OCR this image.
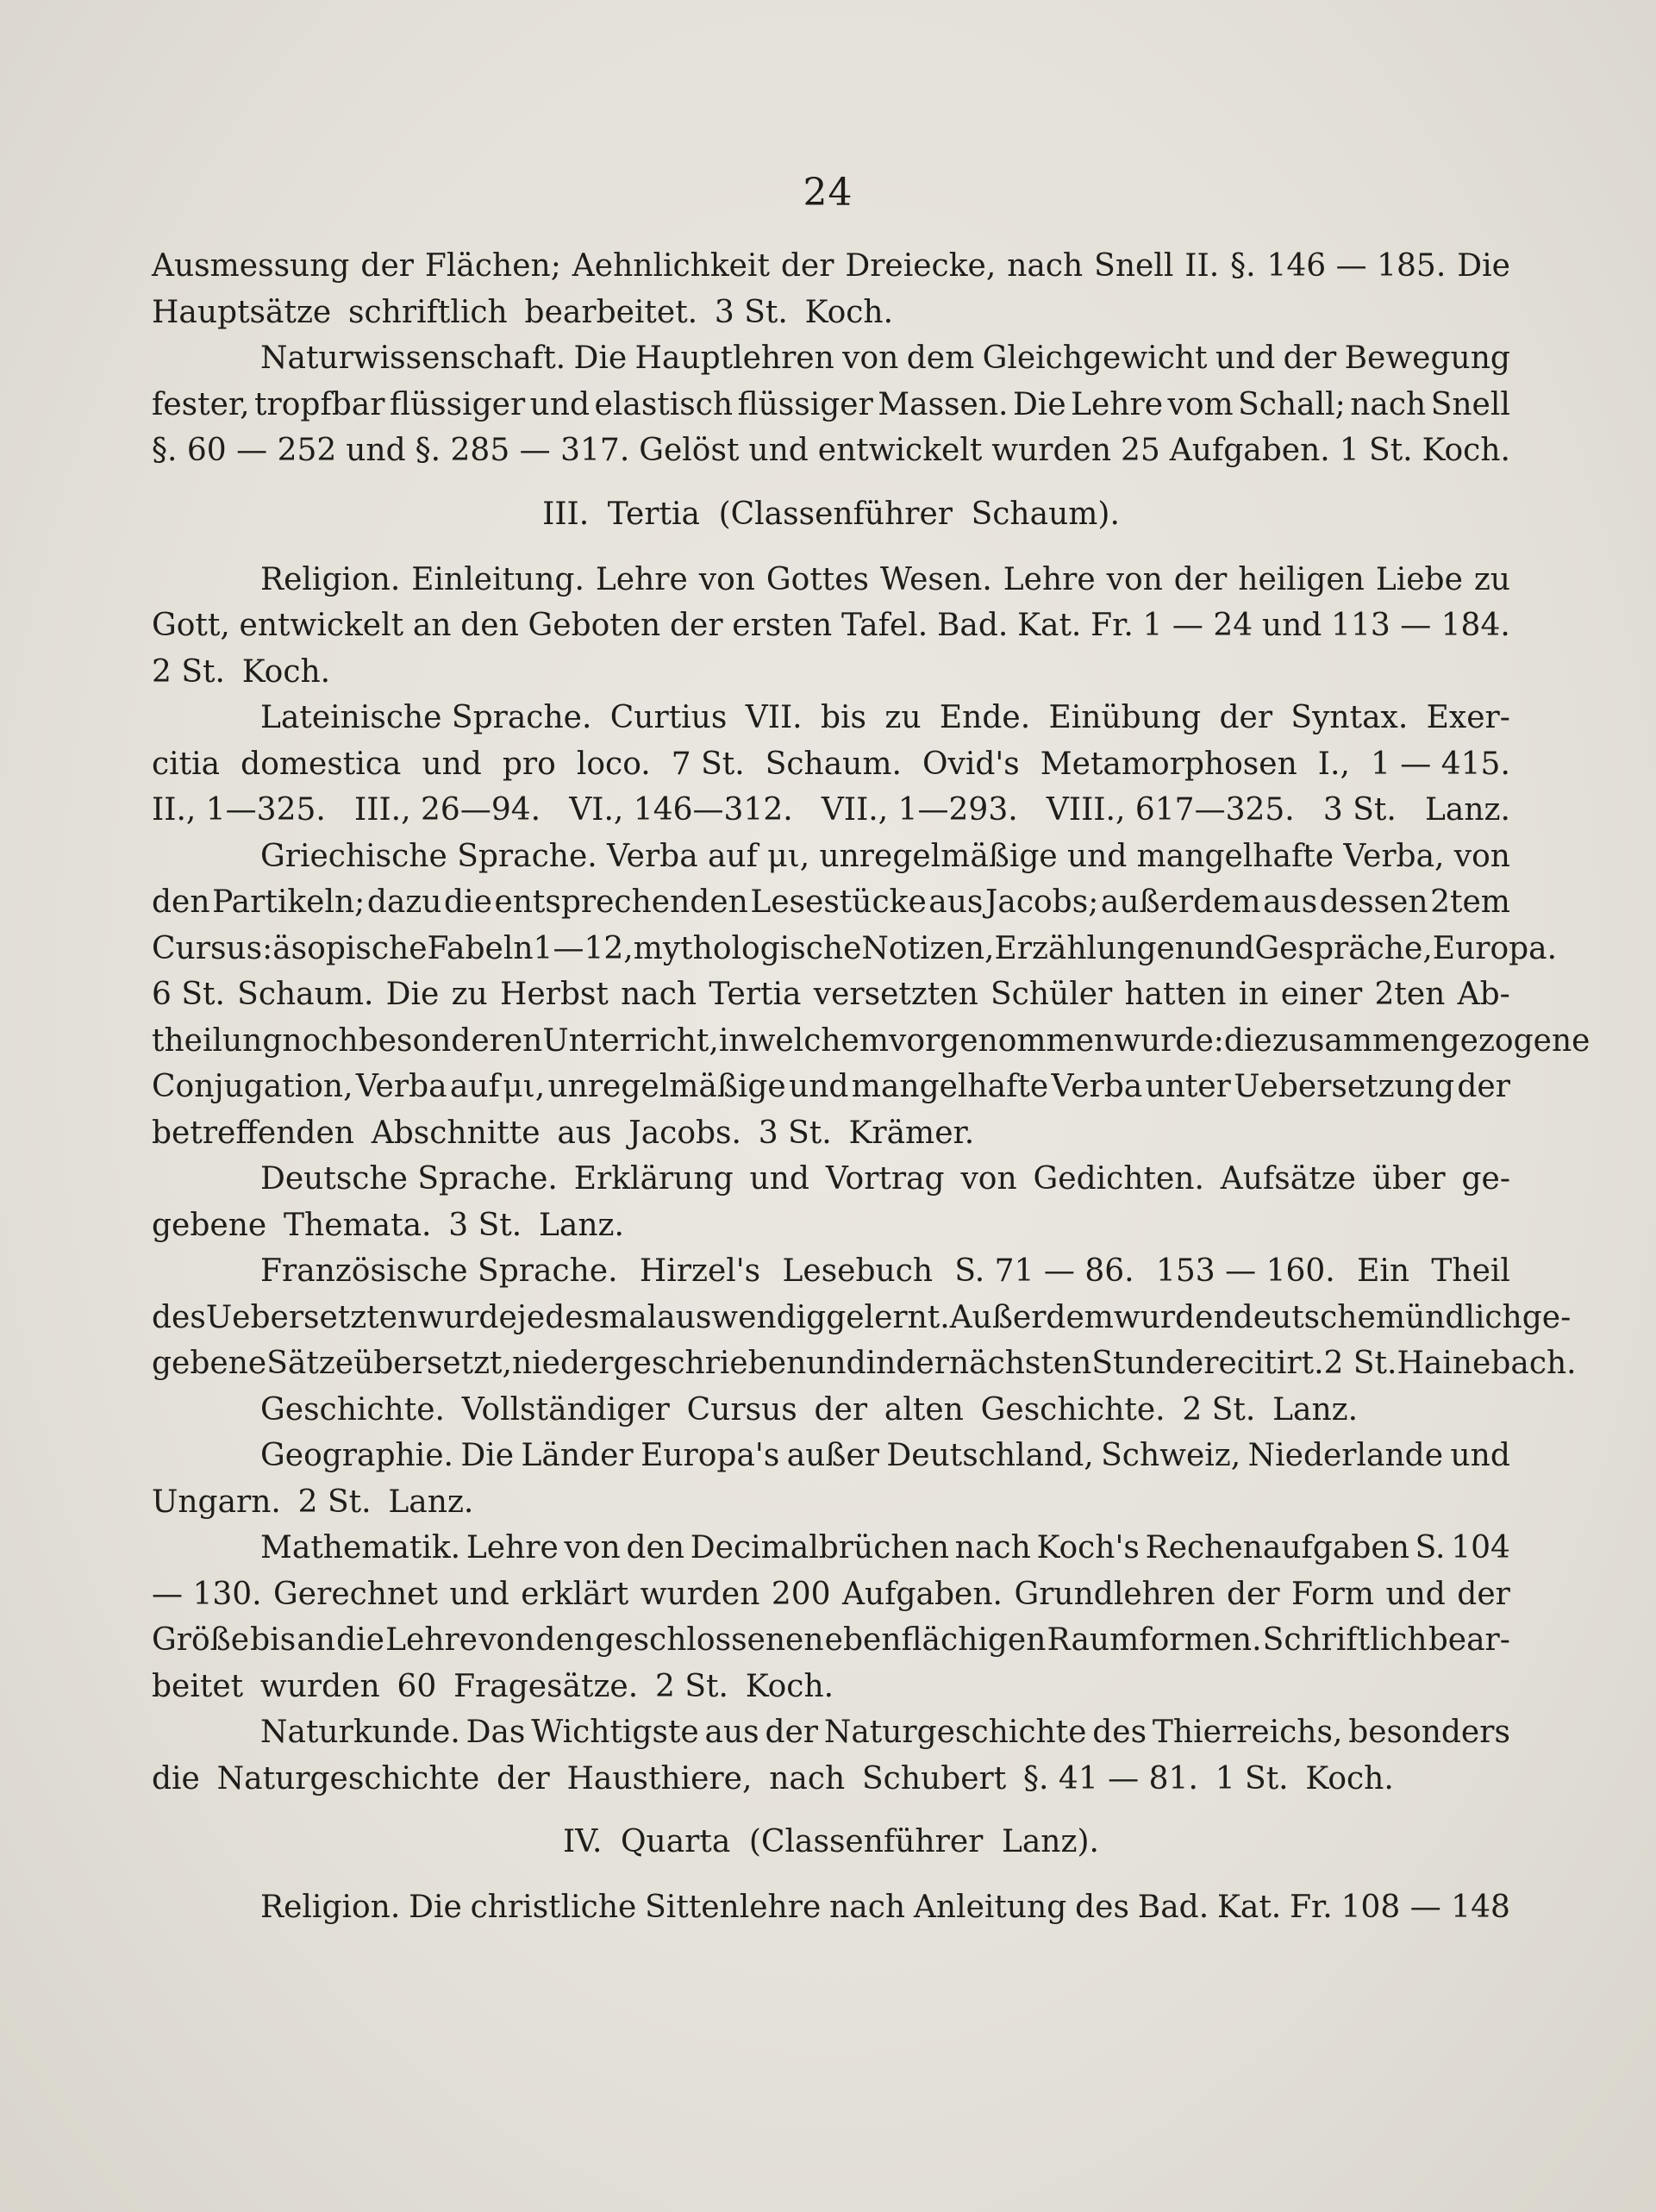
24
Ausmessung der Flächen; Aehnlichkeit der Dreiecke, nach Snell II. §. 146 — 185. Die
Hauptsätze schriftlich bearbeitet. 3 St. Koch.
Naturwissenschaft. Die Hauptlehren von dem Gleichgewicht und der Bewegung
fester, tropfbar flüssiger und elastisch flüssiger Massen. Die Lehre vom Schall; nach Snell
§. 60 — 252 und §. 285 — 317. Gelöst und entwickelt wurden 25 Aufgaben. 1 St. Koch.
III. Tertia (Classenführer Schaum).
Religion. Einleitung. Lehre von Gottes Wesen. Lehre von der heiligen Liebe zu
Gott, entwickelt an den Geboten der ersten Tafel. Bad. Kat. Fr. 1 — 24 und 113 — 184.
2 St. Koch.
Lateinische Sprache. Curtius VII. bis zu Ende. Einübung der Syntax. Exer-
citia domestica und pro loco. 7 St. Schaum. Ovid's Metamorphosen I., 1 — 415.
II., 1—325. III., 26—94. VI., 146—312. VII., 1—293. VIII., 617—325. 3 St. Lanz.
Griechische Sprache. Verba auf μι, unregelmäßige und mangelhafte Verba, von
den Partikeln; dazu die entsprechenden Lesestücke aus Jacobs; außerdem aus dessen 2tem
Cursus: äsopische Fabeln 1—12, mythologische Notizen, Erzählungen und Gespräche, Europa.
6 St. Schaum. Die zu Herbst nach Tertia versetzten Schüler hatten in einer 2ten Ab-
theilung noch besonderen Unterricht, in welchem vorgenommen wurde: die zusammengezogene
Conjugation, Verba auf μι, unregelmäßige und mangelhafte Verba unter Uebersetzung der
betreffenden Abschnitte aus Jacobs. 3 St. Krämer.
Deutsche Sprache. Erklärung und Vortrag von Gedichten. Aufsätze über ge-
gebene Themata. 3 St. Lanz.
Französische Sprache. Hirzel's Lesebuch S. 71 — 86. 153 — 160. Ein Theil
des Uebersetzten wurde jedesmal auswendig gelernt. Außerdem wurden deutsche mündlich ge-
gebene Sätze übersetzt, niedergeschrieben und in der nächsten Stunde recitirt. 2 St. Hainebach.
Geschichte. Vollständiger Cursus der alten Geschichte. 2 St. Lanz.
Geographie. Die Länder Europa's außer Deutschland, Schweiz, Niederlande und
Ungarn. 2 St. Lanz.
Mathematik. Lehre von den Decimalbrüchen nach Koch's Rechenaufgaben S. 104
— 130. Gerechnet und erklärt wurden 200 Aufgaben. Grundlehren der Form und der
Größe bis an die Lehre von den geschlossenen ebenflächigen Raumformen. Schriftlich bear-
beitet wurden 60 Fragesätze. 2 St. Koch.
Naturkunde. Das Wichtigste aus der Naturgeschichte des Thierreichs, besonders
die Naturgeschichte der Hausthiere, nach Schubert §. 41 — 81. 1 St. Koch.
IV. Quarta (Classenführer Lanz).
Religion. Die christliche Sittenlehre nach Anleitung des Bad. Kat. Fr. 108 — 148
